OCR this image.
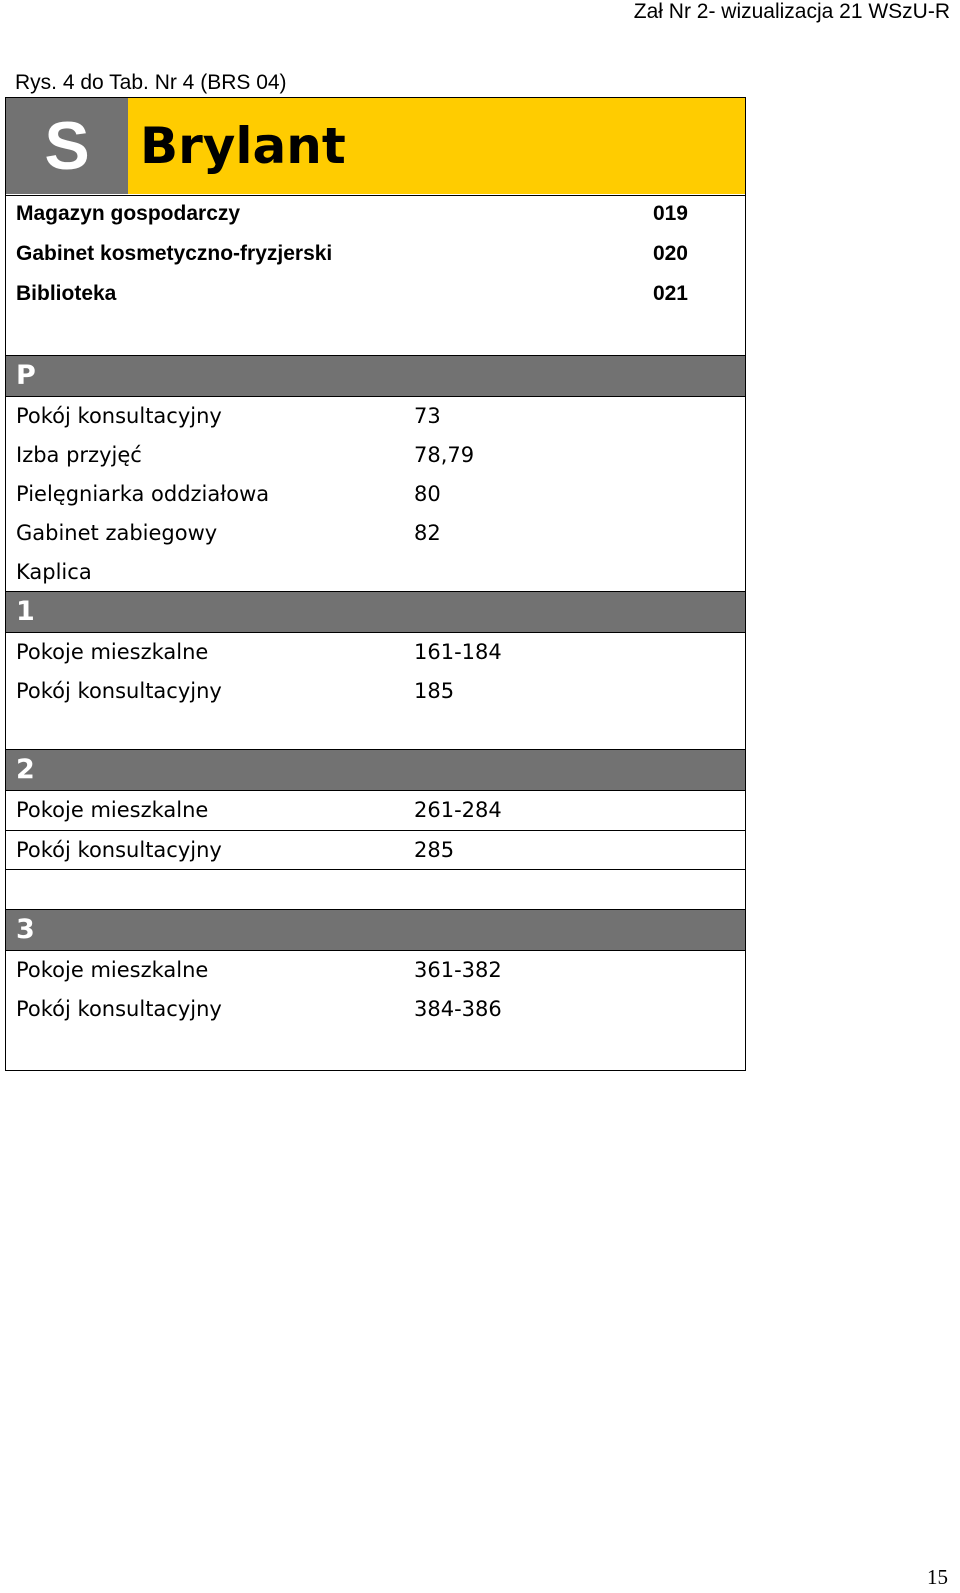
Zał Nr 2- wizualizacja 21 WSzU-R
Rys. 4 do Tab. Nr 4 (BRS 04)
S	Brylant
Magazyn gospodarczy	019
Gabinet kosmetyczno-fryzjerski	020
Biblioteka	021
P
Pokój konsultacyjny	73
Izba przyjęć	78,79
Pielęgniarka oddziałowa	80
Gabinet zabiegowy	82
Kaplica
1
Pokoje mieszkalne	161-184
Pokój konsultacyjny	185
2
Pokoje mieszkalne	261-284
Pokój konsultacyjny	285
3
Pokoje mieszkalne	361-382
Pokój konsultacyjny	384-386
15
